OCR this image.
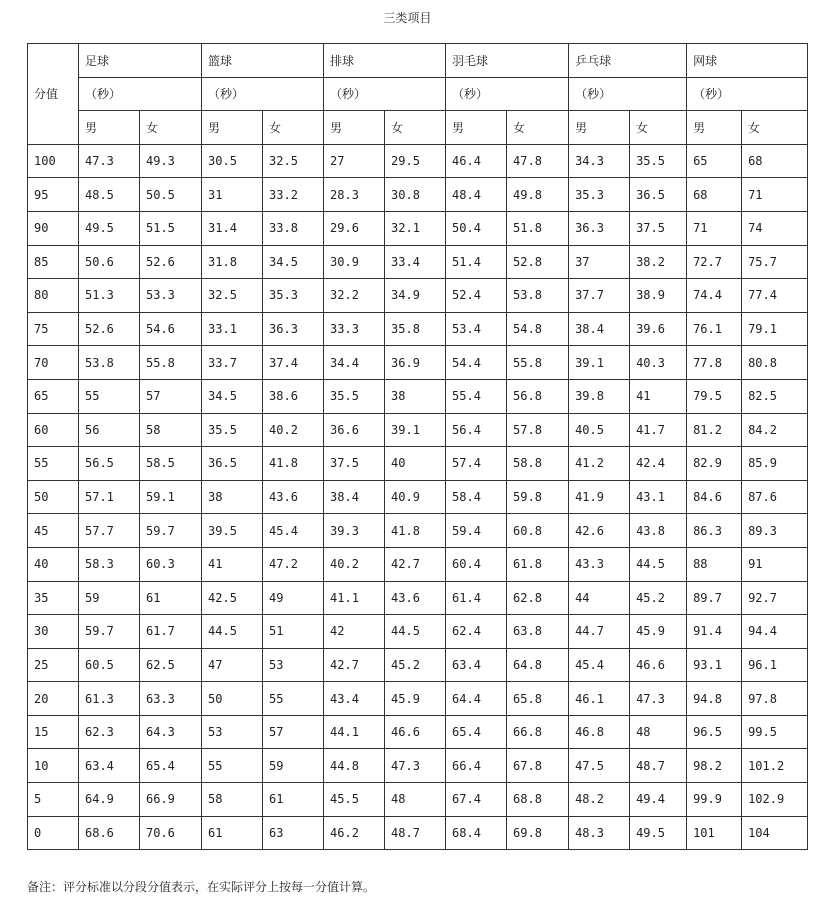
三类项目
分值	足球		篮球		排球		羽毛球		乒乓球		网球	
	（秒）		（秒）		（秒）		（秒）		（秒）		（秒）	
	男	女	男	女	男	女	男	女	男	女	男	女
100	47.3	49.3	30.5	32.5	27	29.5	46.4	47.8	34.3	35.5	65	68
95	48.5	50.5	31	33.2	28.3	30.8	48.4	49.8	35.3	36.5	68	71
90	49.5	51.5	31.4	33.8	29.6	32.1	50.4	51.8	36.3	37.5	71	74
85	50.6	52.6	31.8	34.5	30.9	33.4	51.4	52.8	37	38.2	72.7	75.7
80	51.3	53.3	32.5	35.3	32.2	34.9	52.4	53.8	37.7	38.9	74.4	77.4
75	52.6	54.6	33.1	36.3	33.3	35.8	53.4	54.8	38.4	39.6	76.1	79.1
70	53.8	55.8	33.7	37.4	34.4	36.9	54.4	55.8	39.1	40.3	77.8	80.8
65	55	57	34.5	38.6	35.5	38	55.4	56.8	39.8	41	79.5	82.5
60	56	58	35.5	40.2	36.6	39.1	56.4	57.8	40.5	41.7	81.2	84.2
55	56.5	58.5	36.5	41.8	37.5	40	57.4	58.8	41.2	42.4	82.9	85.9
50	57.1	59.1	38	43.6	38.4	40.9	58.4	59.8	41.9	43.1	84.6	87.6
45	57.7	59.7	39.5	45.4	39.3	41.8	59.4	60.8	42.6	43.8	86.3	89.3
40	58.3	60.3	41	47.2	40.2	42.7	60.4	61.8	43.3	44.5	88	91
35	59	61	42.5	49	41.1	43.6	61.4	62.8	44	45.2	89.7	92.7
30	59.7	61.7	44.5	51	42	44.5	62.4	63.8	44.7	45.9	91.4	94.4
25	60.5	62.5	47	53	42.7	45.2	63.4	64.8	45.4	46.6	93.1	96.1
20	61.3	63.3	50	55	43.4	45.9	64.4	65.8	46.1	47.3	94.8	97.8
15	62.3	64.3	53	57	44.1	46.6	65.4	66.8	46.8	48	96.5	99.5
10	63.4	65.4	55	59	44.8	47.3	66.4	67.8	47.5	48.7	98.2	101.2
5	64.9	66.9	58	61	45.5	48	67.4	68.8	48.2	49.4	99.9	102.9
0	68.6	70.6	61	63	46.2	48.7	68.4	69.8	48.3	49.5	101	104
备注：评分标准以分段分值表示，在实际评分上按每一分值计算。
